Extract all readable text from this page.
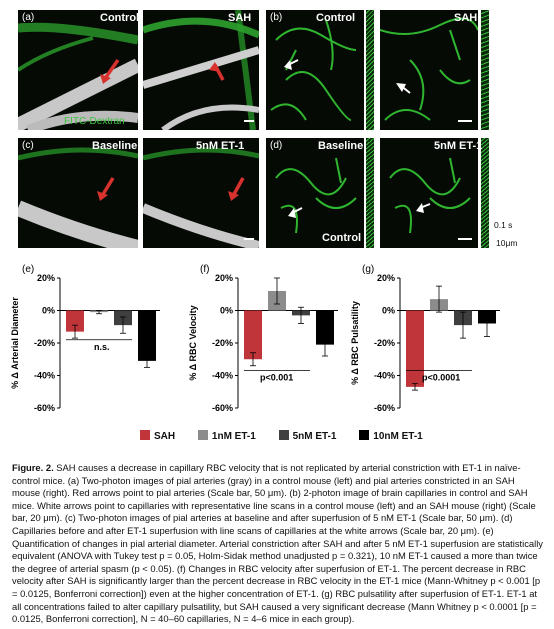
(a)	Control	SAH
FITC-Dextran
(b)	Control	SAH
(c)	Baseline	5nM ET-1	(d)	Baseline	5nM ET-1
Control
0.1 s
10μm
(e)
% Δ Arterial Diameter
20%
0%
-20%
-40%
-60%
n.s.
(f)
% Δ RBC Velocity
20%
0%
-20%
-40%
-60%
p<0.001
(g)
% Δ RBC Pulsatility
20%
0%
-20%
-40%
-60%
p<0.0001
SAH	1nM ET-1	5nM ET-1	10nM ET-1
Figure. 2. SAH causes a decrease in capillary RBC velocity that is not replicated by arterial constriction with ET-1 in naïve-control mice. (a) Two-photon images of pial arteries (gray) in a control mouse (left) and pial arteries constricted in an SAH mouse (right). Red arrows point to pial arteries (Scale bar, 50 μm). (b) 2-photon image of brain capillaries in control and SAH mice. White arrows point to capillaries with representative line scans in a control mouse (left) and an SAH mouse (right) (Scale bar, 20 μm). (c) Two-photon images of pial arteries at baseline and after superfusion of 5 nM ET-1 (Scale bar, 50 μm). (d) Capillaries before and after ET-1 superfusion with line scans of capillaries at the white arrows (Scale bar, 20 μm). (e) Quantification of changes in pial arterial diameter. Arterial constriction after SAH and after 5 nM ET-1 superfusion are statistically equivalent (ANOVA with Tukey test p = 0.05, Holm-Sidak method unadjusted p = 0.321), 10 nM ET-1 caused a more than twice the degree of arterial spasm (p < 0.05). (f) Changes in RBC velocity after superfusion of ET-1. The percent decrease in RBC velocity after SAH is significantly larger than the percent decrease in RBC velocity in the ET-1 mice (Mann-Whitney p < 0.001 [p = 0.0125, Bonferroni correction]) even at the higher concentration of ET-1. (g) RBC pulsatility after superfusion of ET-1. ET-1 at all concentrations failed to alter capillary pulsatility, but SAH caused a very significant decrease (Mann Whitney p < 0.0001 [p = 0.0125, Bonferroni correction], N = 40–60 capillaries, N = 4–6 mice in each group).
